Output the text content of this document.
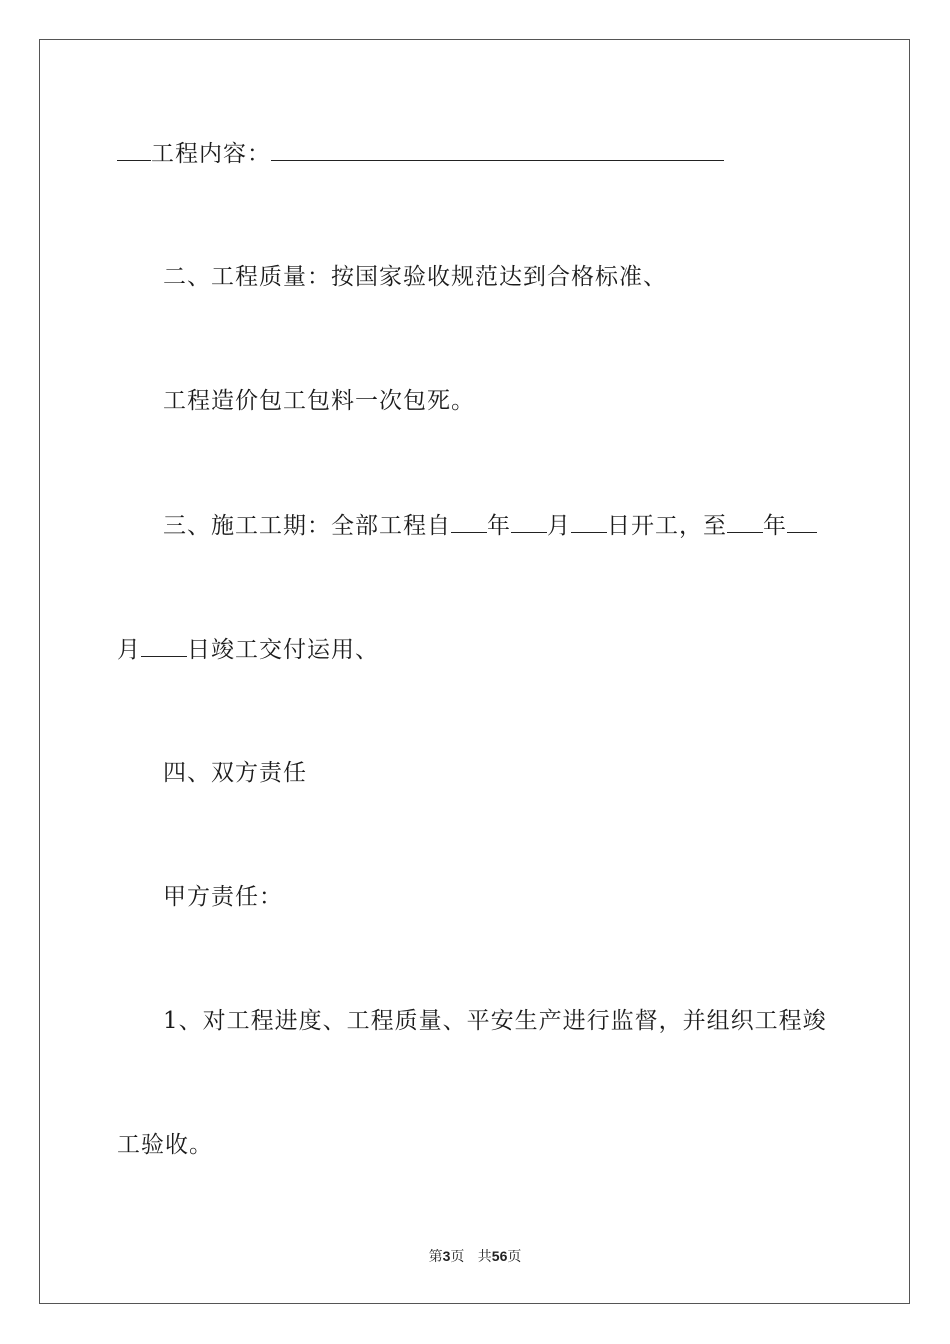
工程内容：

二、工程质量：按国家验收规范达到合格标准、

工程造价包工包料一次包死。

三、施工工期：全部工程自 年 月 日开工，至 年

月 日竣工交付运用、

四、双方责任

甲方责任：

1、对工程进度、工程质量、平安生产进行监督，并组织工程竣

工验收。

第3页 共56页
